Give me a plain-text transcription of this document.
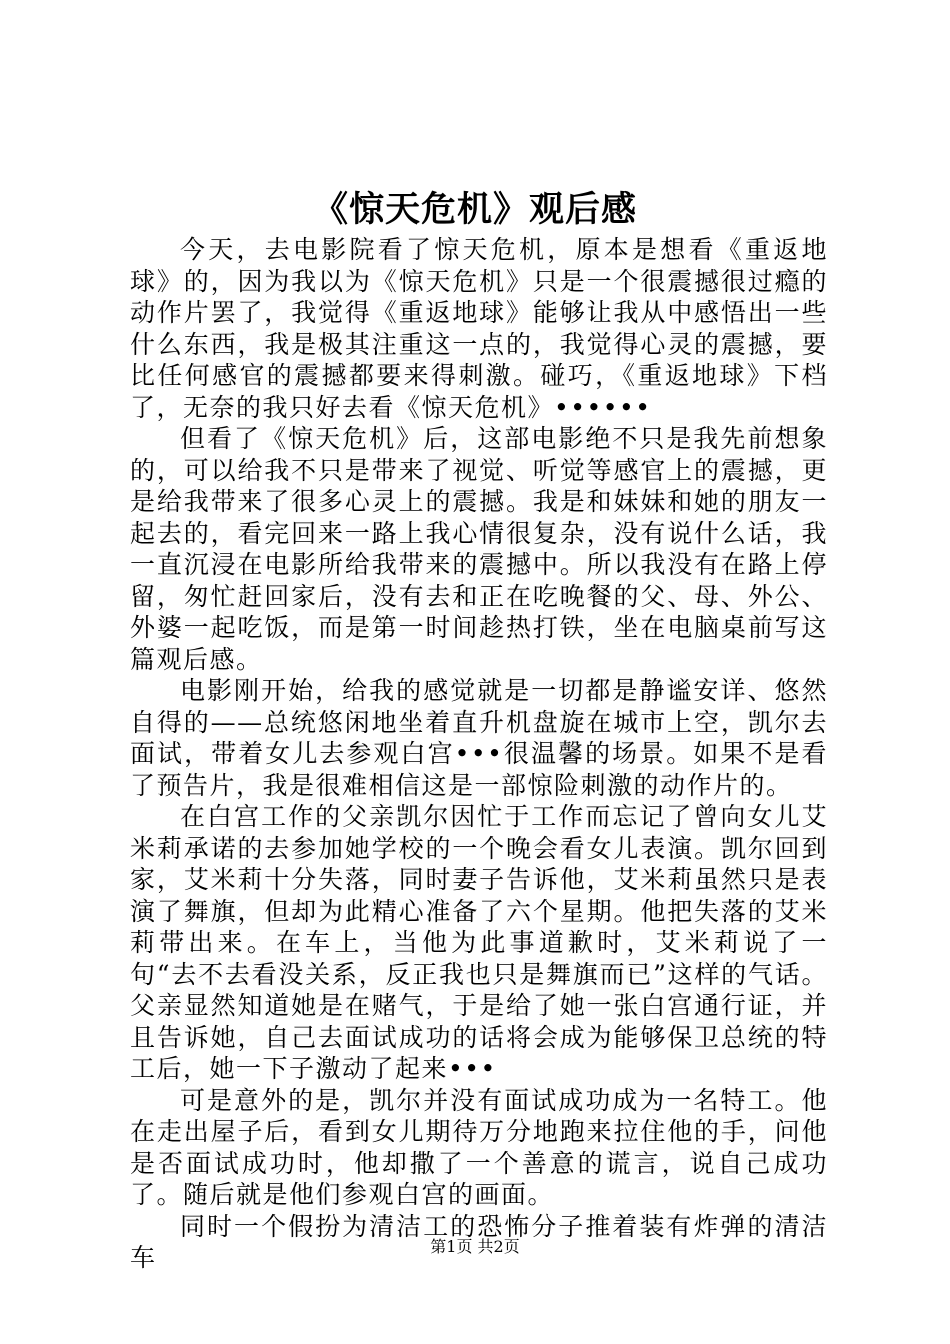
《惊天危机》观后感

今天，去电影院看了惊天危机，原本是想看《重返地球》的，因为我以为《惊天危机》只是一个很震撼很过瘾的动作片罢了，我觉得《重返地球》能够让我从中感悟出一些什么东西，我是极其注重这一点的，我觉得心灵的震撼，要比任何感官的震撼都要来得刺激。碰巧，《重返地球》下档了，无奈的我只好去看《惊天危机》••••••

但看了《惊天危机》后，这部电影绝不只是我先前想象的，可以给我不只是带来了视觉、听觉等感官上的震撼，更是给我带来了很多心灵上的震撼。我是和妹妹和她的朋友一起去的，看完回来一路上我心情很复杂，没有说什么话，我一直沉浸在电影所给我带来的震撼中。所以我没有在路上停留，匆忙赶回家后，没有去和正在吃晚餐的父、母、外公、外婆一起吃饭，而是第一时间趁热打铁，坐在电脑桌前写这篇观后感。

电影刚开始，给我的感觉就是一切都是静谧安详、悠然自得的——总统悠闲地坐着直升机盘旋在城市上空，凯尔去面试，带着女儿去参观白宫•••很温馨的场景。如果不是看了预告片，我是很难相信这是一部惊险刺激的动作片的。

在白宫工作的父亲凯尔因忙于工作而忘记了曾向女儿艾米莉承诺的去参加她学校的一个晚会看女儿表演。凯尔回到家，艾米莉十分失落，同时妻子告诉他，艾米莉虽然只是表演了舞旗，但却为此精心准备了六个星期。他把失落的艾米莉带出来。在车上，当他为此事道歉时，艾米莉说了一句“去不去看没关系，反正我也只是舞旗而已”这样的气话。父亲显然知道她是在赌气，于是给了她一张白宫通行证，并且告诉她，自己去面试成功的话将会成为能够保卫总统的特工后，她一下子激动了起来•••

可是意外的是，凯尔并没有面试成功成为一名特工。他在走出屋子后，看到女儿期待万分地跑来拉住他的手，问他是否面试成功时，他却撒了一个善意的谎言，说自己成功了。随后就是他们参观白宫的画面。

同时一个假扮为清洁工的恐怖分子推着装有炸弹的清洁车	第1页 共2页
